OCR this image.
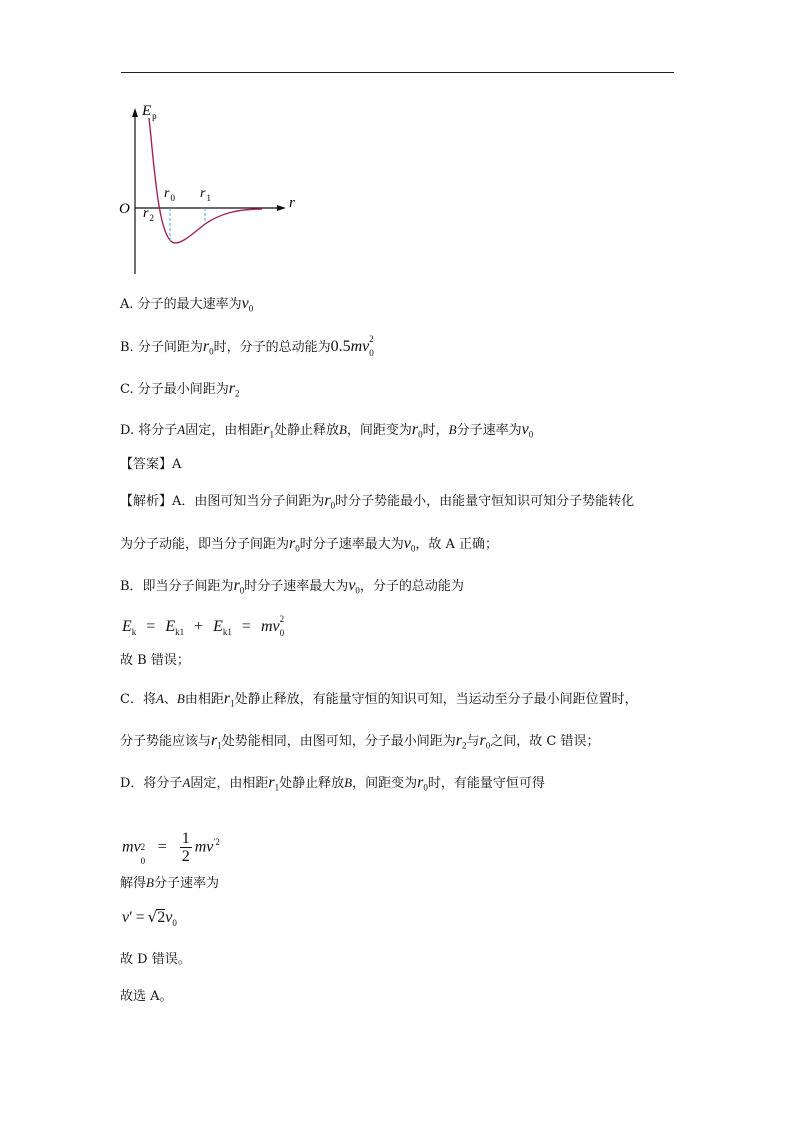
$E_p$
r
O
$r_0$ $r_1$
$r_2$
A. 分子的最大速率为$v_0$
B. 分子间距为$r_0$时，分子的总动能为0.5mv 2
0
C. 分子最小间距为$r_2$
D. 将分子A固定，由相距$r_1$处静止释放B，间距变为$r_0$时，B分子速率为$v_0$
【答案】A
【解析】A．由图可知当分子间距为$r_0$时分子势能最小，由能量守恒知识可知分子势能转化
为分子动能，即当分子间距为$r_0$时分子速率最大为$v_0$，故 A 正确；
B．即当分子间距为$r_0$时分子速率最大为$v_0$，分子的总动能为
$E_k = E_{k1} + E_{k1}$ = mv 2
0
故 B 错误；
C．将A、B由相距$r_1$处静止释放，有能量守恒的知识可知，当运动至分子最小间距位置时，
分子势能应该与$r_1$处势能相同，由图可知，分子最小间距为$r_2$与$r_0$之间，故 C 错误；
D．将分子A固定，由相距$r_1$处静止释放B，间距变为$r_0$时，有能量守恒可得
mv 2
0
= $\frac{1}{2} mv^{'2}$
解得B分子速率为
$v' = √2v_0$
故 D 错误。
故选 A。
